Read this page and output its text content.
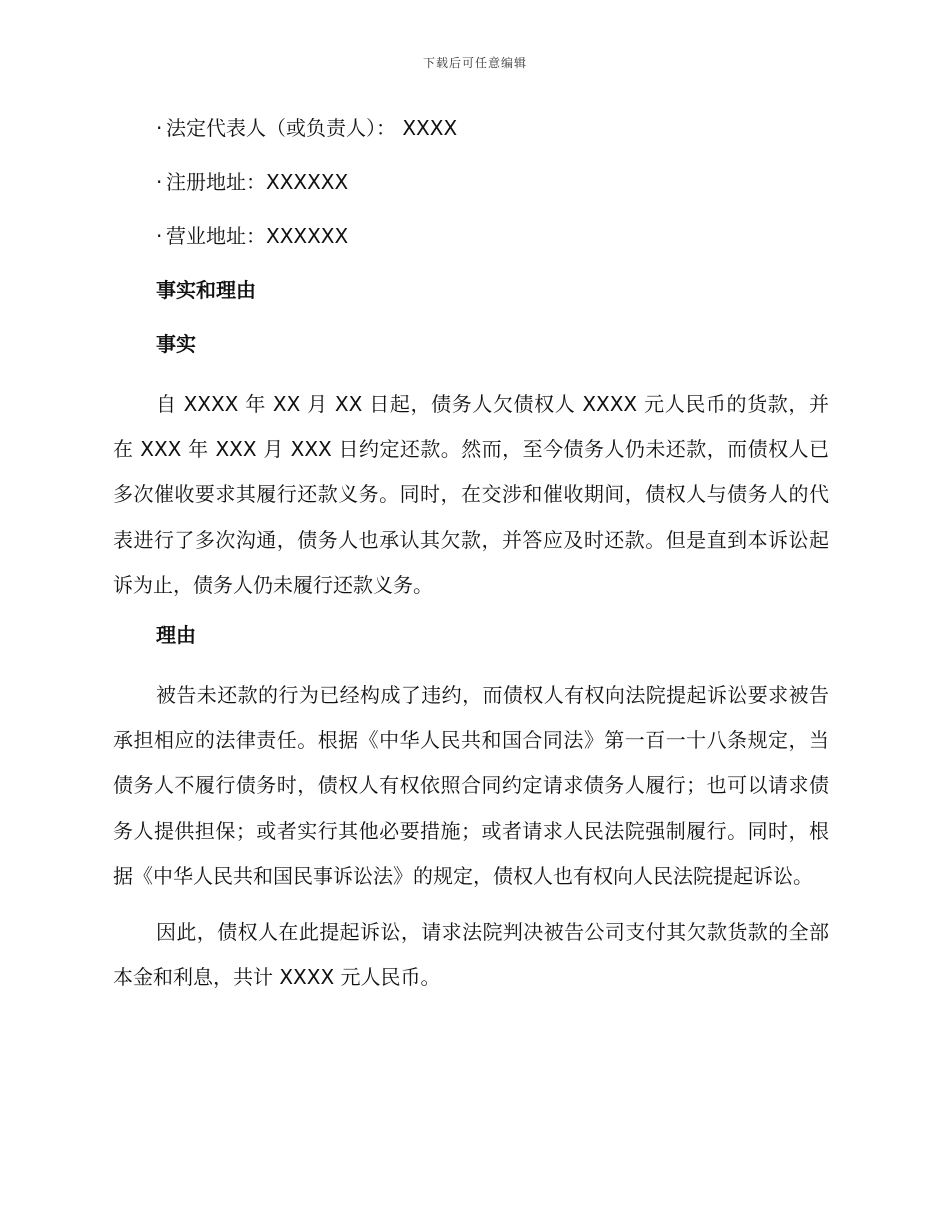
下载后可任意编辑
· 法定代表人（或负责人）： XXXX
· 注册地址：XXXXXX
· 营业地址：XXXXXX
事实和理由
事实

自 XXXX 年 XX 月 XX 日起，债务人欠债权人 XXXX 元人民币的货款，并在 XXX 年 XXX 月 XXX 日约定还款。然而，至今债务人仍未还款，而债权人已多次催收要求其履行还款义务。同时，在交涉和催收期间，债权人与债务人的代表进行了多次沟通，债务人也承认其欠款，并答应及时还款。但是直到本诉讼起诉为止，债务人仍未履行还款义务。

理由

被告未还款的行为已经构成了违约，而债权人有权向法院提起诉讼要求被告承担相应的法律责任。根据《中华人民共和国合同法》第一百一十八条规定，当债务人不履行债务时，债权人有权依照合同约定请求债务人履行；也可以请求债务人提供担保；或者实行其他必要措施；或者请求人民法院强制履行。同时，根据《中华人民共和国民事诉讼法》的规定，债权人也有权向人民法院提起诉讼。

因此，债权人在此提起诉讼，请求法院判决被告公司支付其欠款货款的全部本金和利息，共计 XXXX 元人民币。
